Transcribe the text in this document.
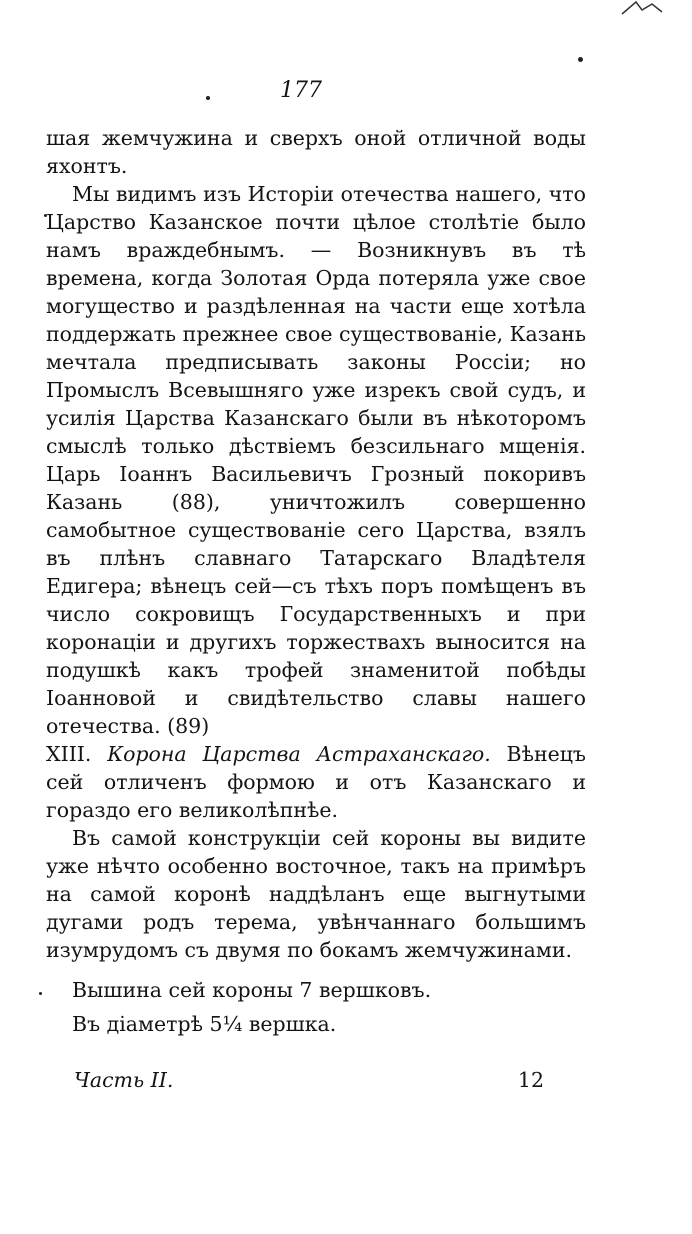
177

шая жемчужина и сверхъ оной отличной воды яхонтъ.

Мы видимъ изъ Исторіи отечества нашего, что Царство Казанское почти цѣлое столѣтіе было намъ враждебнымъ. — Возникнувъ въ тѣ времена, когда Золотая Орда потеряла уже свое могущество и раздѣленная на части еще хотѣла поддержать прежнее свое существованіе, Казань мечтала предписывать законы Россіи; но Промыслъ Всевышняго уже изрекъ свой судъ, и усилія Царства Казанскаго были въ нѣкоторомъ смыслѣ только дѣствіемъ безсильнаго мщенія. Царь Іоаннъ Васильевичъ Грозный покоривъ Казань (88), уничтожилъ совершенно самобытное существованіе сего Царства, взялъ въ плѣнъ славнаго Татарскаго Владѣтеля Едигера; вѣнецъ сей—съ тѣхъ поръ помѣщенъ въ число сокровищъ Государственныхъ и при коронаціи и другихъ торжествахъ выносится на подушкѣ какъ трофей знаменитой побѣды Іоанновой и свидѣтельство славы нашего отечества. (89)

XIII. Корона Царства Астраханскаго. Вѣнецъ сей отличенъ формою и отъ Казанскаго и гораздо его великолѣпнѣе.

Въ самой конструкціи сей короны вы видите уже нѣчто особенно восточное, такъ на примѣръ на самой коронѣ наддѣланъ еще выгнутыми дугами родъ терема, увѣнчаннаго большимъ изумрудомъ съ двумя по бокамъ жемчужинами.

Вышина сей короны 7 вершковъ.
Въ діаметрѣ 5¼ вершка.
Часть II.	12
